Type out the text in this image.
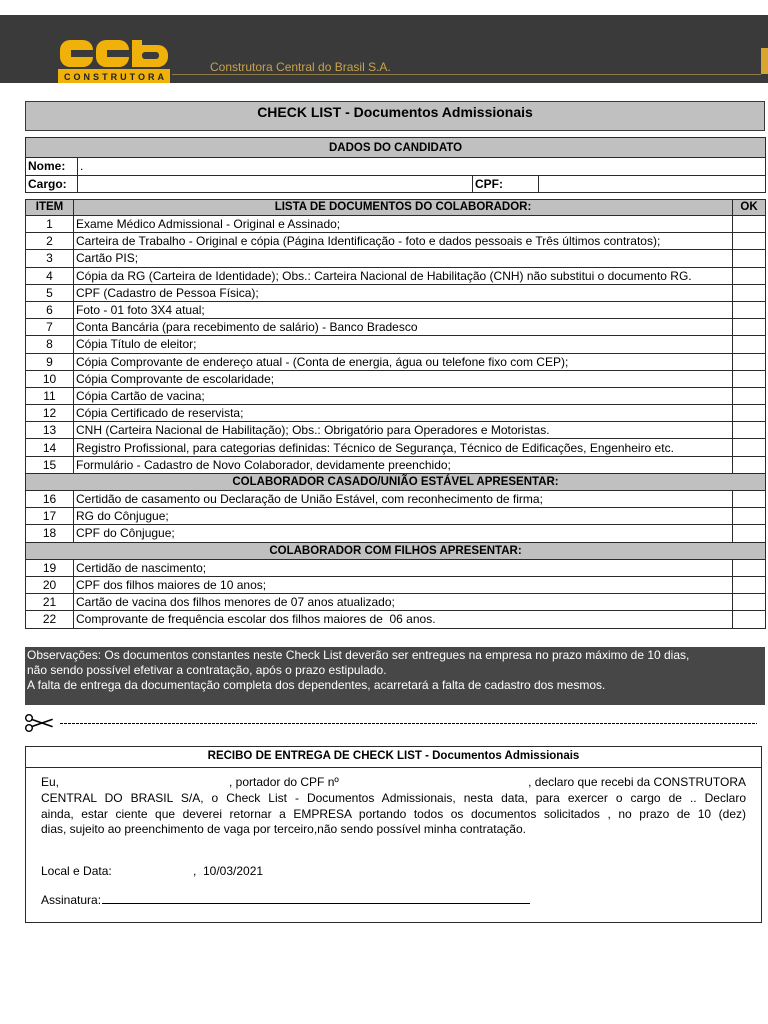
CONSTRUTORA
Construtora Central do Brasil S.A.
CHECK LIST - Documentos Admissionais
DADOS DO CANDIDATO			
Nome:	.		
Cargo:		CPF:	
ITEM	LISTA DE DOCUMENTOS DO COLABORADOR:	OK
1	Exame Médico Admissional - Original e Assinado;	
2	Carteira de Trabalho - Original e cópia (Página Identificação - foto e dados pessoais e Três últimos contratos);	
3	Cartão PIS;	
4	Cópia da RG (Carteira de Identidade); Obs.: Carteira Nacional de Habilitação (CNH) não substitui o documento RG.	
5	CPF (Cadastro de Pessoa Física);	
6	Foto - 01 foto 3X4 atual;	
7	Conta Bancária (para recebimento de salário) - Banco Bradesco	
8	Cópia Título de eleitor;	
9	Cópia Comprovante de endereço atual - (Conta de energia, água ou telefone fixo com CEP);	
10	Cópia Comprovante de escolaridade;	
11	Cópia Cartão de vacina;	
12	Cópia Certificado de reservista;	
13	CNH (Carteira Nacional de Habilitação); Obs.: Obrigatório para Operadores e Motoristas.	
14	Registro Profissional, para categorias definidas: Técnico de Segurança, Técnico de Edificações, Engenheiro etc.	
15	Formulário - Cadastro de Novo Colaborador, devidamente preenchido;	
COLABORADOR CASADO/UNIÃO ESTÁVEL APRESENTAR:		
16	Certidão de casamento ou Declaração de União Estável, com reconhecimento de firma;	
17	RG do Cônjugue;	
18	CPF do Cônjugue;	
COLABORADOR COM FILHOS APRESENTAR:		
19	Certidão de nascimento;	
20	CPF dos filhos maiores de 10 anos;	
21	Cartão de vacina dos filhos menores de 07 anos atualizado;	
22	Comprovante de frequência escolar dos filhos maiores de  06 anos.	
Observações: Os documentos constantes neste Check List deverão ser entregues na empresa no prazo máximo de 10 dias,
não sendo possível efetivar a contratação, após o prazo estipulado.
A falta de entrega da documentação completa dos dependentes, acarretará a falta de cadastro dos mesmos.
RECIBO DE ENTREGA DE CHECK LIST - Documentos Admissionais
Eu,	, portador do CPF nº	, declaro que recebi da CONSTRUTORA
CENTRAL DO BRASIL S/A, o Check List - Documentos Admissionais, nesta data, para exercer o cargo de .. Declaro
ainda, estar ciente que deverei retornar a EMPRESA portando todos os documentos solicitados , no prazo de 10 (dez)
dias, sujeito ao preenchimento de vaga por terceiro,não sendo possível minha contratação.
Local e Data:	,  10/03/2021
Assinatura:
